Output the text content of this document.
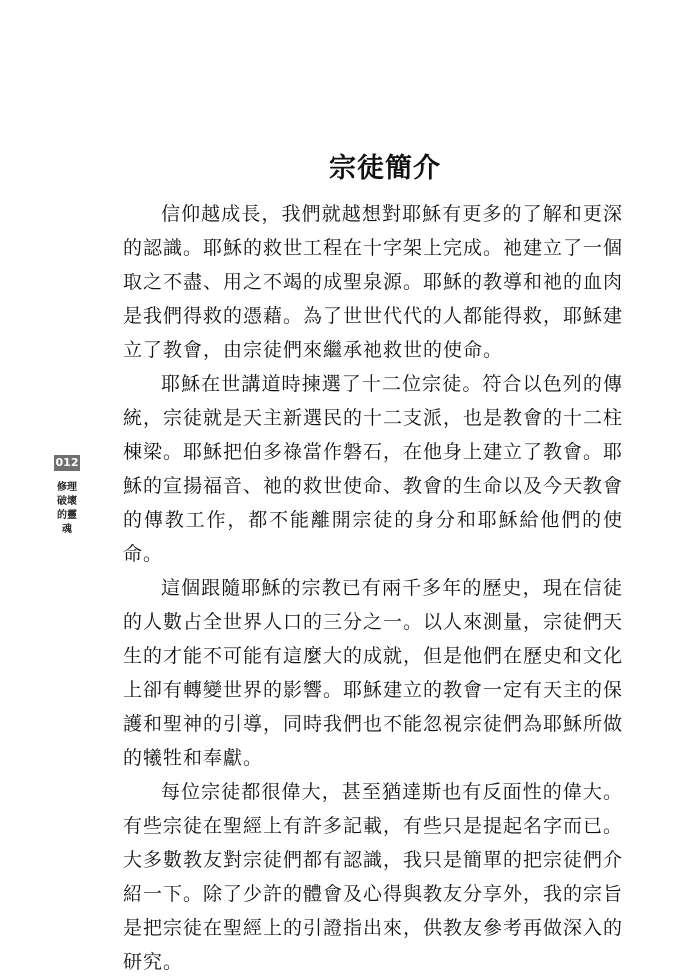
宗徒簡介

信仰越成長，我們就越想對耶穌有更多的了解和更深的認識。耶穌的救世工程在十字架上完成。祂建立了一個取之不盡、用之不竭的成聖泉源。耶穌的教導和祂的血肉是我們得救的憑藉。為了世世代代的人都能得救，耶穌建立了教會，由宗徒們來繼承祂救世的使命。

耶穌在世講道時揀選了十二位宗徒。符合以色列的傳統，宗徒就是天主新選民的十二支派，也是教會的十二柱棟梁。耶穌把伯多祿當作磐石，在他身上建立了教會。耶穌的宣揚福音、祂的救世使命、教會的生命以及今天教會的傳教工作，都不能離開宗徒的身分和耶穌給他們的使命。

這個跟隨耶穌的宗教已有兩千多年的歷史，現在信徒的人數占全世界人口的三分之一。以人來測量，宗徒們天生的才能不可能有這麼大的成就，但是他們在歷史和文化上卻有轉變世界的影響。耶穌建立的教會一定有天主的保護和聖神的引導，同時我們也不能忽視宗徒們為耶穌所做的犧牲和奉獻。

每位宗徒都很偉大，甚至猶達斯也有反面性的偉大。有些宗徒在聖經上有許多記載，有些只是提起名字而已。大多數教友對宗徒們都有認識，我只是簡單的把宗徒們介紹一下。除了少許的體會及心得與教友分享外，我的宗旨是把宗徒在聖經上的引證指出來，供教友參考再做深入的研究。

012
修理破壞的靈魂
